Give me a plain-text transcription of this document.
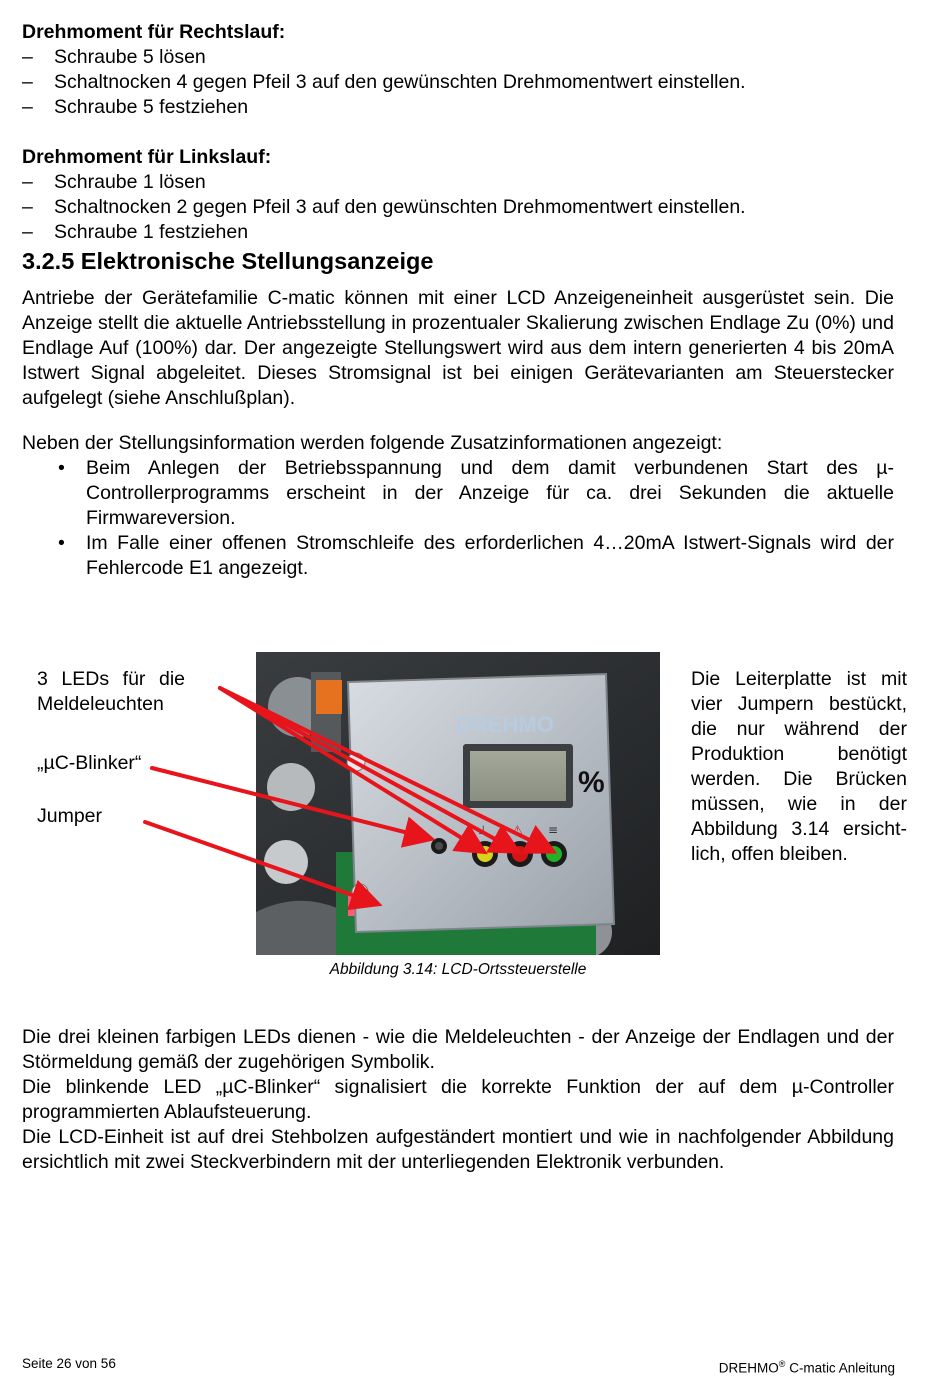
Drehmoment für Rechtslauf:
– Schraube 5 lösen
– Schaltnocken 4 gegen Pfeil 3 auf den gewünschten Drehmomentwert einstellen.
– Schraube 5 festziehen
Drehmoment für Linkslauf:
– Schraube 1 lösen
– Schaltnocken 2 gegen Pfeil 3 auf den gewünschten Drehmomentwert einstellen.
– Schraube 1 festziehen
3.2.5 Elektronische Stellungsanzeige
Antriebe der Gerätefamilie C-matic können mit einer LCD Anzeigeneinheit ausgerüstet sein. Die Anzeige stellt die aktuelle Antriebsstellung in prozentualer Skalierung zwischen Endlage Zu (0%) und Endlage Auf (100%) dar. Der angezeigte Stellungswert wird aus dem intern generierten 4 bis 20mA Istwert Signal abgeleitet. Dieses Stromsignal ist bei einigen Gerätevarianten am Steuerstecker aufgelegt (siehe Anschlußplan).
Neben der Stellungsinformation werden folgende Zusatzinformationen angezeigt:
• Beim Anlegen der Betriebsspannung und dem damit verbundenen Start des µ-Controllerprogramms erscheint in der Anzeige für ca. drei Sekunden die aktuelle Firmwareversion.
• Im Falle einer offenen Stromschleife des erforderlichen 4…20mA Istwert-Signals wird der Fehlercode E1 angezeigt.
3 LEDs für die Meldeleuchten
„µC-Blinker“
Jumper
Die Leiterplatte ist mit vier Jumpern bestückt, die nur während der Produktion benötigt werden. Die Brücken müssen, wie in der Abbildung 3.14 ersichtlich, offen bleiben.
DREHMO
%
⊥ ⚠ ≡
Abbildung 3.14: LCD-Ortssteuerstelle
Die drei kleinen farbigen LEDs dienen - wie die Meldeleuchten - der Anzeige der Endlagen und der Störmeldung gemäß der zugehörigen Symbolik.
Die blinkende LED „µC-Blinker“ signalisiert die korrekte Funktion der auf dem µ-Controller programmierten Ablaufsteuerung.
Die LCD-Einheit ist auf drei Stehbolzen aufgeständert montiert und wie in nachfolgender Abbildung ersichtlich mit zwei Steckverbindern mit der unterliegenden Elektronik verbunden.
Seite 26 von 56	DREHMO® C-matic Anleitung
